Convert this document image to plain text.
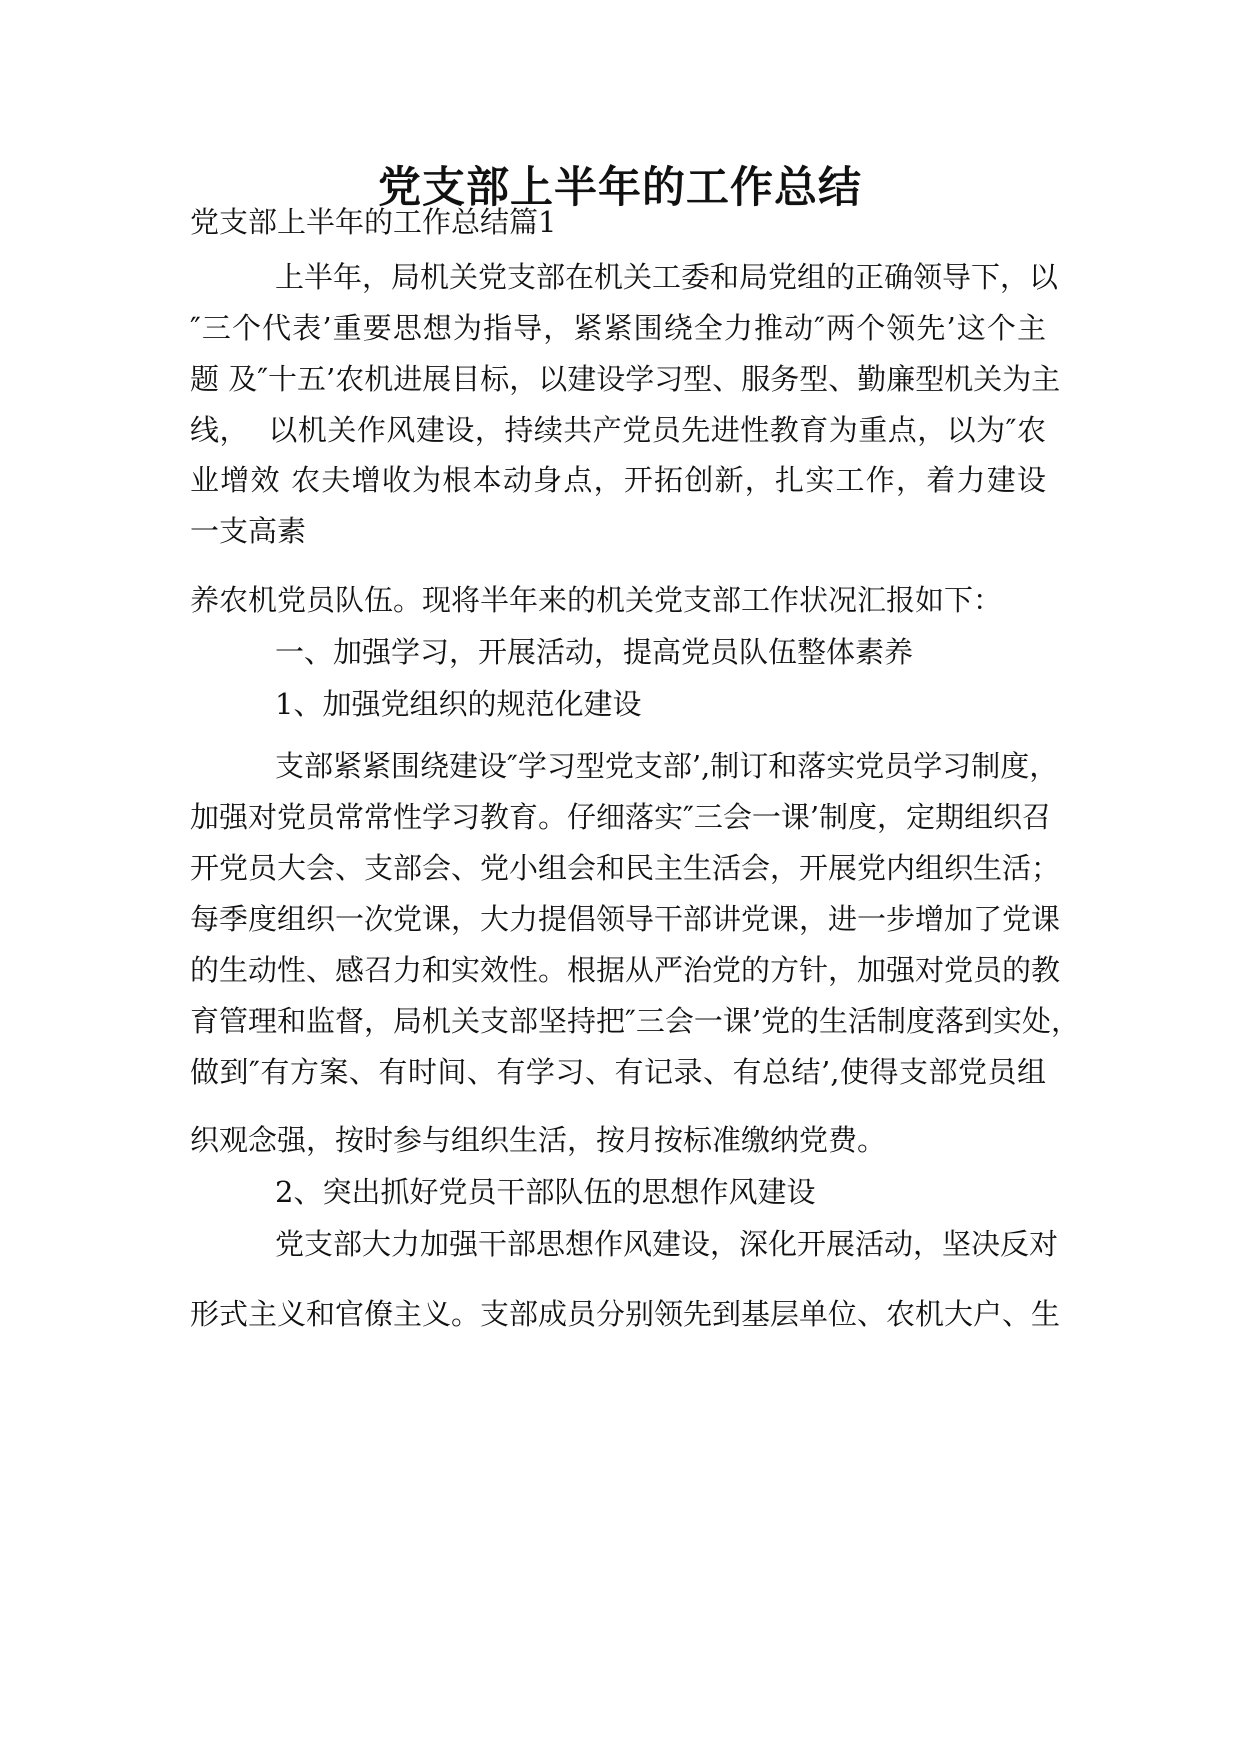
党支部上半年的工作总结
党支部上半年的工作总结篇1
上半年，局机关党支部在机关工委和局党组的正确领导下，以
″三个代表’重要思想为指导，紧紧围绕全力推动″两个领先’这个主
题 及″十五’农机进展目标，以建设学习型、服务型、勤廉型机关为主
线，  以机关作风建设，持续共产党员先进性教育为重点，以为″农
业增效 农夫增收为根本动身点，开拓创新，扎实工作，着力建设
一支高素
养农机党员队伍。现将半年来的机关党支部工作状况汇报如下：
一、加强学习，开展活动，提高党员队伍整体素养
1、加强党组织的规范化建设
支部紧紧围绕建设″学习型党支部’,制订和落实党员学习制度，
加强对党员常常性学习教育。仔细落实″三会一课’制度，定期组织召
开党员大会、支部会、党小组会和民主生活会，开展党内组织生活；
每季度组织一次党课，大力提倡领导干部讲党课，进一步增加了党课
的生动性、感召力和实效性。根据从严治党的方针，加强对党员的教
育管理和监督，局机关支部坚持把″三会一课’党的生活制度落到实处，
做到″有方案、有时间、有学习、有记录、有总结’,使得支部党员组
织观念强，按时参与组织生活，按月按标准缴纳党费。
2、突出抓好党员干部队伍的思想作风建设
党支部大力加强干部思想作风建设，深化开展活动，坚决反对
形式主义和官僚主义。支部成员分别领先到基层单位、农机大户、生
